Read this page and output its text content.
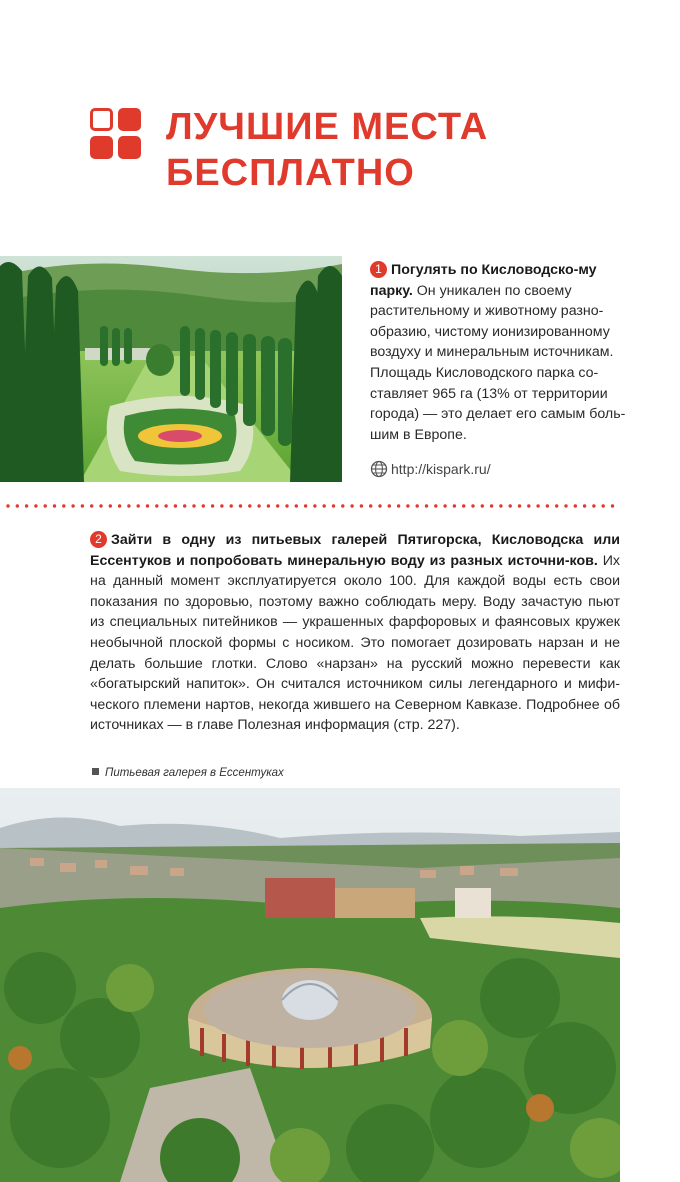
ЛУЧШИЕ МЕСТА БЕСПЛАТНО
1 Погулять по Кисловодско-му парку. Он уникален по своему растительному и животному разно-образию, чистому ионизированному воздуху и минеральным источникам. Площадь Кисловодского парка со-ставляет 965 га (13% от территории города) — это делает его самым боль-шим в Европе.
http://kispark.ru/
2 Зайти в одну из питьевых галерей Пятигорска, Кисловодска или Ессентуков и попробовать минеральную воду из разных источни-ков. Их на данный момент эксплуатируется около 100. Для каждой воды есть свои показания по здоровью, поэтому важно соблюдать меру. Воду зачастую пьют из специальных питейников — украшенных фарфоровых и фаянсовых кружек необычной плоской формы с носиком. Это помогает дозировать нарзан и не делать большие глотки. Слово «нарзан» на русский можно перевести как «богатырский напиток». Он считался источником силы легендарного и мифи-ческого племени нартов, некогда жившего на Северном Кавказе. Подробнее об источниках — в главе Полезная информация (стр. 227).
Питьевая галерея в Ессентуках
